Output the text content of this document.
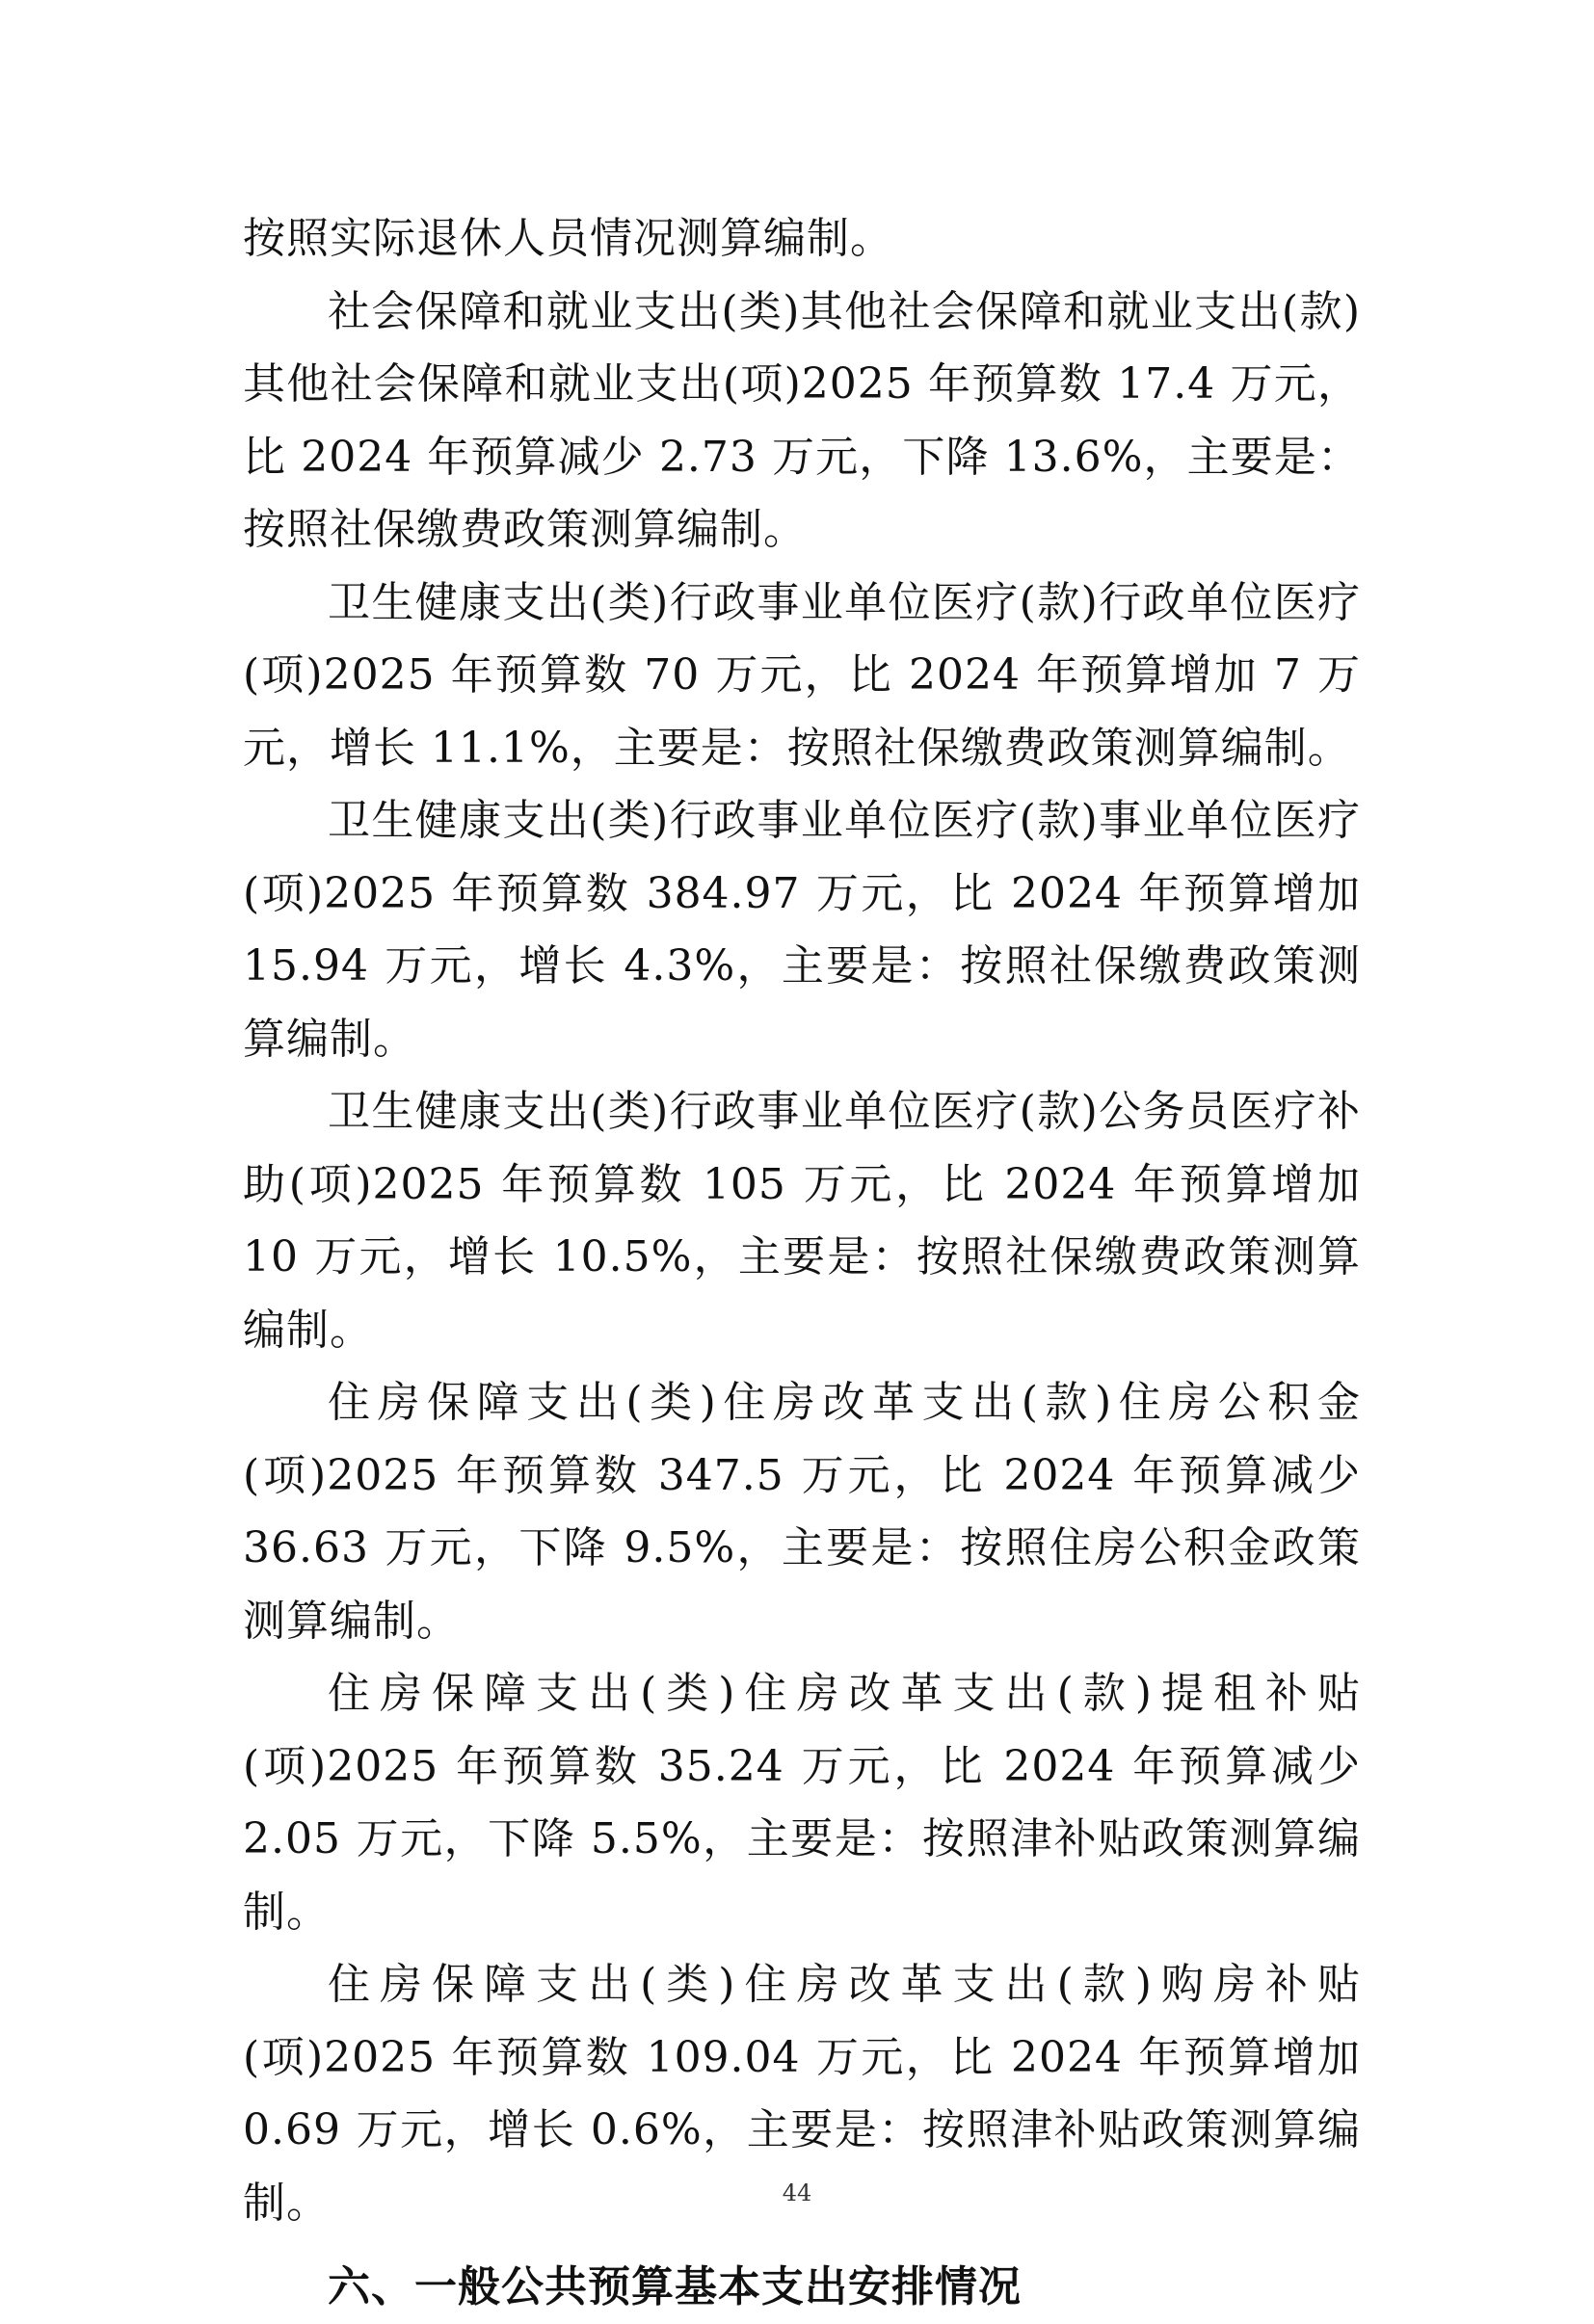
按照实际退休人员情况测算编制。

社会保障和就业支出(类)其他社会保障和就业支出(款)其他社会保障和就业支出(项)2025 年预算数 17.4 万元，比 2024 年预算减少 2.73 万元，下降 13.6%，主要是：按照社保缴费政策测算编制。

卫生健康支出(类)行政事业单位医疗(款)行政单位医疗(项)2025 年预算数 70 万元，比 2024 年预算增加 7 万元，增长 11.1%，主要是：按照社保缴费政策测算编制。

卫生健康支出(类)行政事业单位医疗(款)事业单位医疗(项)2025 年预算数 384.97 万元，比 2024 年预算增加 15.94 万元，增长 4.3%，主要是：按照社保缴费政策测算编制。

卫生健康支出(类)行政事业单位医疗(款)公务员医疗补助(项)2025 年预算数 105 万元，比 2024 年预算增加 10 万元，增长 10.5%，主要是：按照社保缴费政策测算编制。

住房保障支出(类)住房改革支出(款)住房公积金(项)2025 年预算数 347.5 万元，比 2024 年预算减少 36.63 万元，下降 9.5%，主要是：按照住房公积金政策测算编制。

住房保障支出(类)住房改革支出(款)提租补贴(项)2025 年预算数 35.24 万元，比 2024 年预算减少 2.05 万元，下降 5.5%，主要是：按照津补贴政策测算编制。

住房保障支出(类)住房改革支出(款)购房补贴(项)2025 年预算数 109.04 万元，比 2024 年预算增加 0.69 万元，增长 0.6%，主要是：按照津补贴政策测算编制。

六、一般公共预算基本支出安排情况
44
